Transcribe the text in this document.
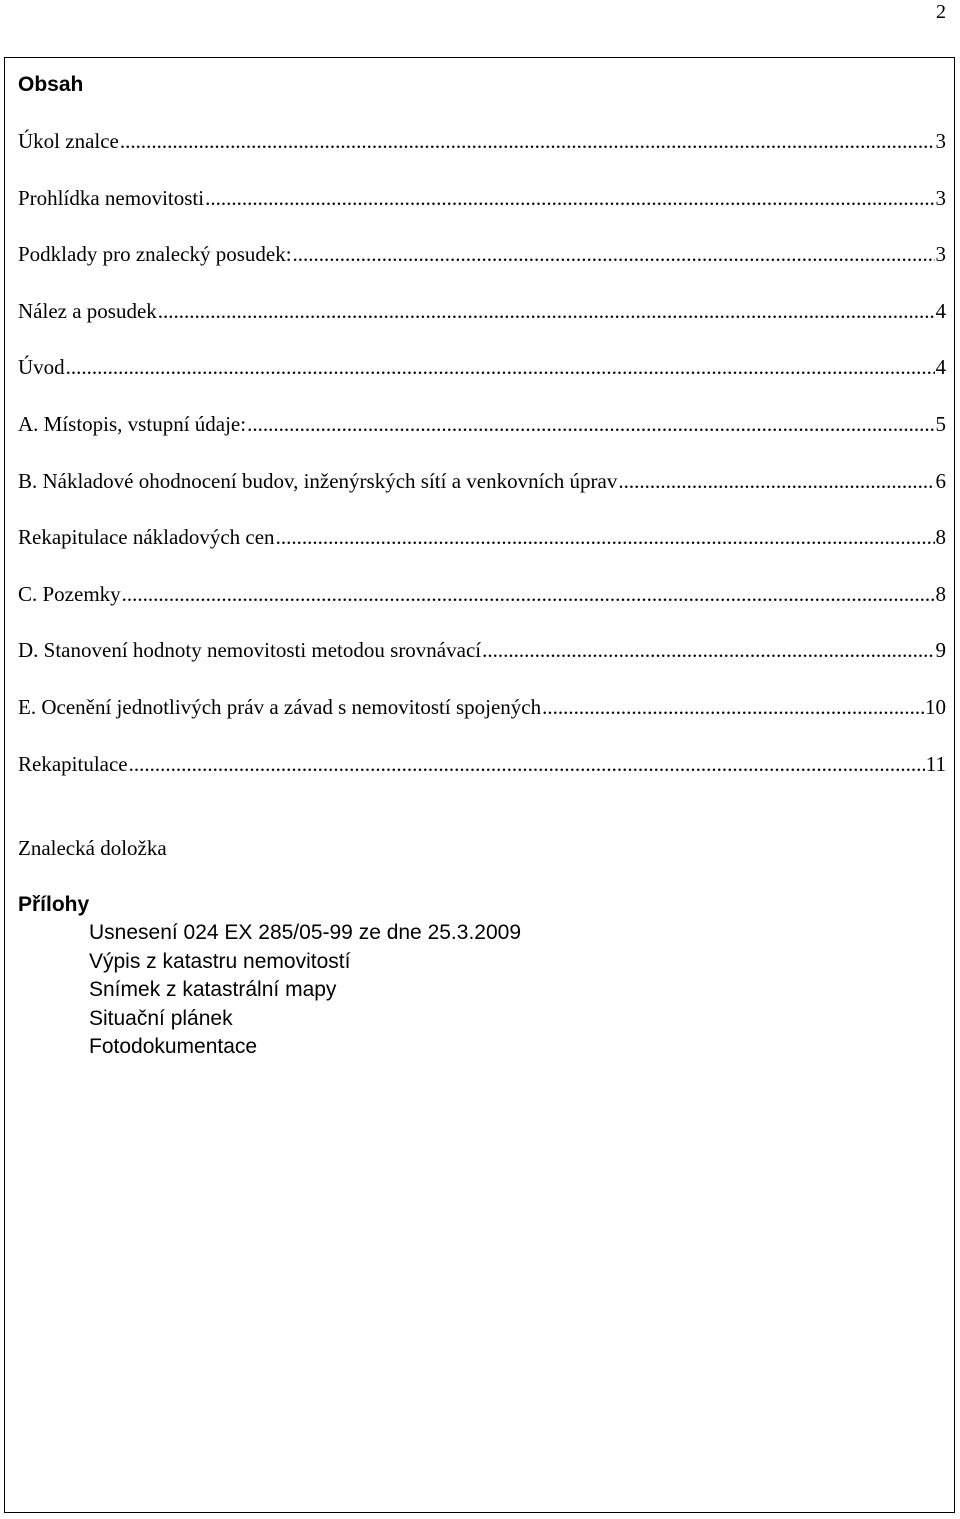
2
Obsah
Úkol znalce .....	3
Prohlídka nemovitosti .....	3
Podklady pro znalecký posudek: .....	3
Nález a posudek .....	4
Úvod .....	4
A. Místopis, vstupní údaje: .....	5
B. Nákladové ohodnocení budov, inženýrských sítí a venkovních úprav .....	6
Rekapitulace nákladových cen .....	8
C. Pozemky .....	8
D. Stanovení hodnoty nemovitosti metodou srovnávací .....	9
E. Ocenění jednotlivých práv a závad s nemovitostí spojených .....	10
Rekapitulace .....	11
Znalecká doložka
Přílohy
Usnesení 024 EX 285/05-99 ze dne 25.3.2009
Výpis z katastru nemovitostí
Snímek z katastrální mapy
Situační plánek
Fotodokumentace
